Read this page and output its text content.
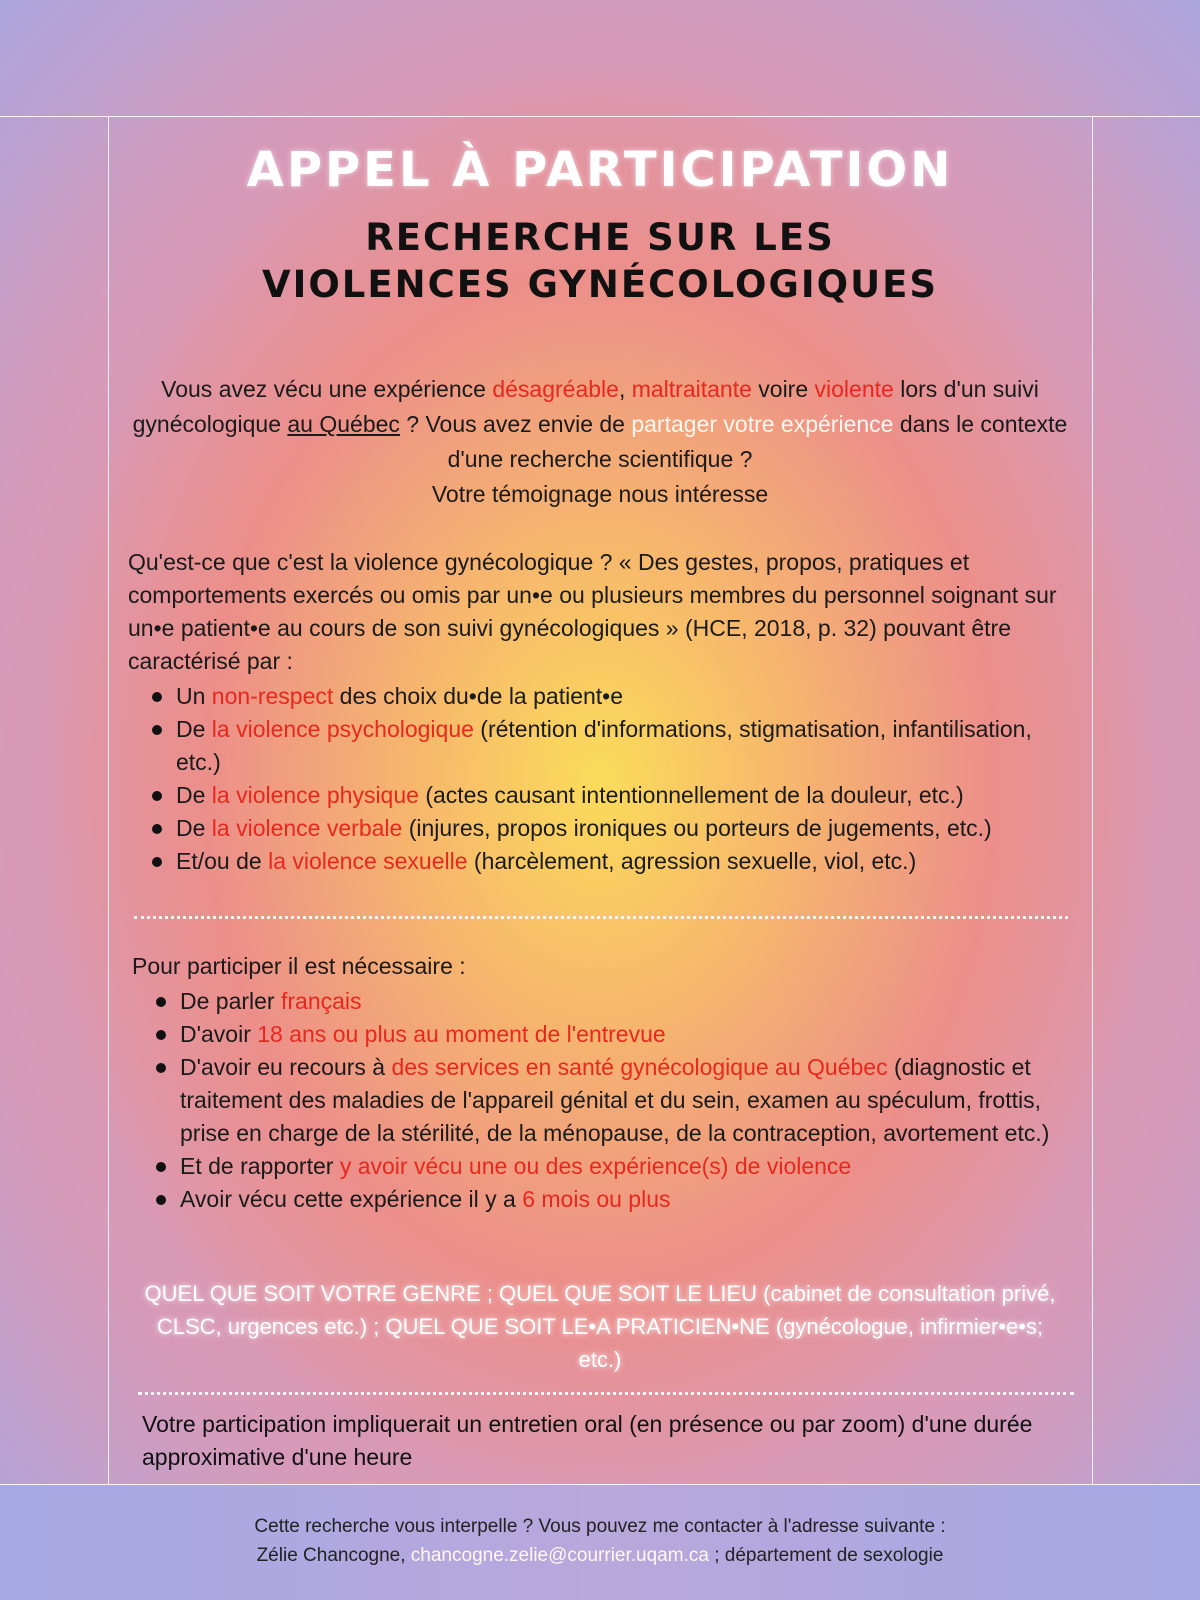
APPEL À PARTICIPATION
RECHERCHE SUR LES
VIOLENCES GYNÉCOLOGIQUES
Vous avez vécu une expérience désagréable, maltraitante voire violente lors d'un suivi gynécologique au Québec ? Vous avez envie de partager votre expérience dans le contexte d'une recherche scientifique ?
Votre témoignage nous intéresse
Qu'est-ce que c'est la violence gynécologique ? « Des gestes, propos, pratiques et comportements exercés ou omis par un•e ou plusieurs membres du personnel soignant sur un•e patient•e au cours de son suivi gynécologiques » (HCE, 2018, p. 32) pouvant être caractérisé par :
Un non-respect des choix du•de la patient•e
De la violence psychologique (rétention d'informations, stigmatisation, infantilisation, etc.)
De la violence physique (actes causant intentionnellement de la douleur, etc.)
De la violence verbale (injures, propos ironiques ou porteurs de jugements, etc.)
Et/ou de la violence sexuelle (harcèlement, agression sexuelle, viol, etc.)
Pour participer il est nécessaire :
De parler français
D'avoir 18 ans ou plus au moment de l'entrevue
D'avoir eu recours à des services en santé gynécologique au Québec (diagnostic et traitement des maladies de l'appareil génital et du sein, examen au spéculum, frottis, prise en charge de la stérilité, de la ménopause, de la contraception, avortement etc.)
Et de rapporter y avoir vécu une ou des expérience(s) de violence
Avoir vécu cette expérience il y a 6 mois ou plus
QUEL QUE SOIT VOTRE GENRE ; QUEL QUE SOIT LE LIEU (cabinet de consultation privé, CLSC, urgences etc.) ; QUEL QUE SOIT LE•A PRATICIEN•NE (gynécologue, infirmier•e•s; etc.)
Votre participation impliquerait un entretien oral (en présence ou par zoom) d'une durée approximative d'une heure
Cette recherche vous interpelle ? Vous pouvez me contacter à l'adresse suivante :
Zélie Chancogne, chancogne.zelie@courrier.uqam.ca ; département de sexologie
